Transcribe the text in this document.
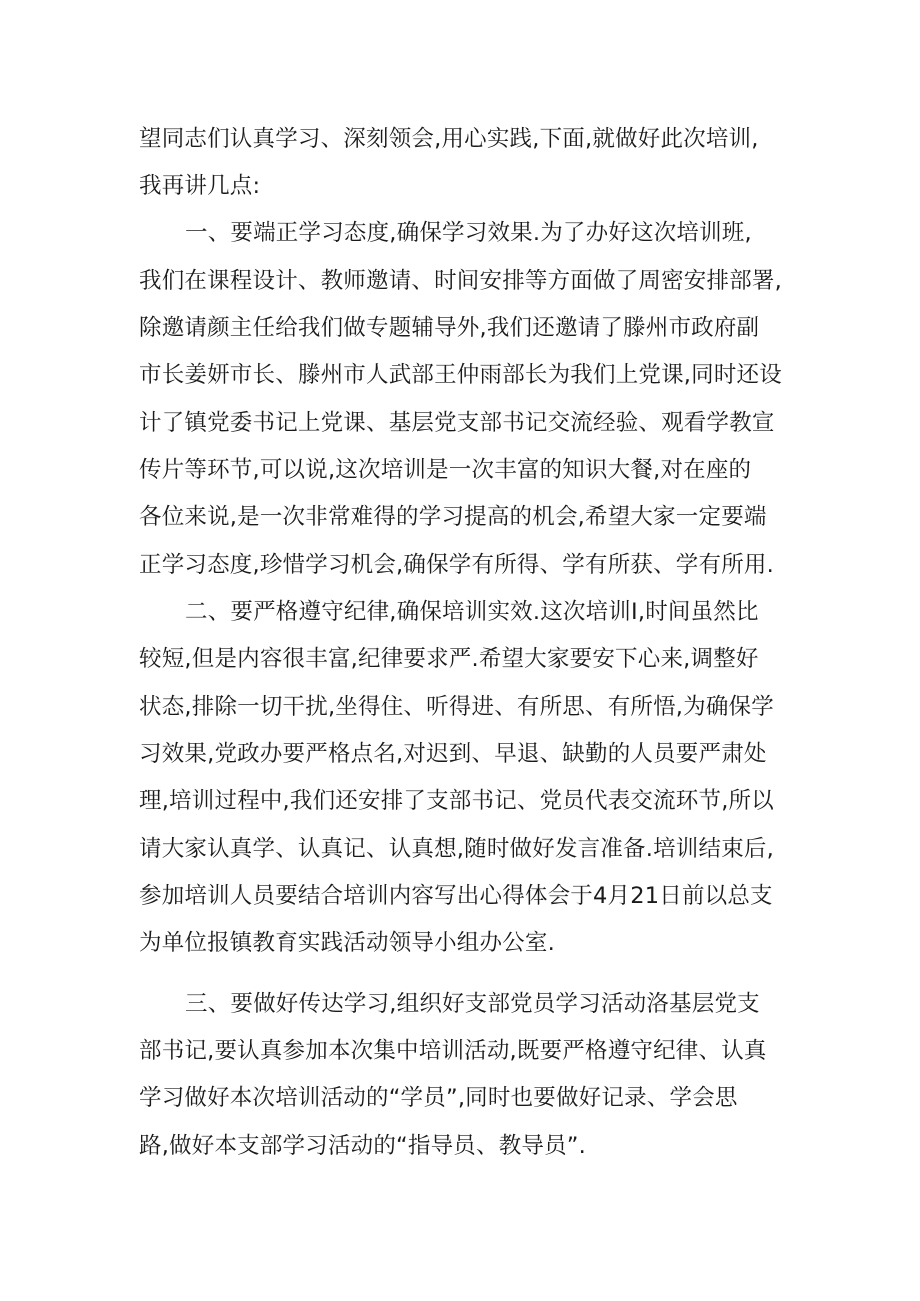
望同志们认真学习、深刻领会,用心实践,下面,就做好此次培训,
我再讲几点:
一、要端正学习态度,确保学习效果.为了办好这次培训班,
我们在课程设计、教师邀请、时间安排等方面做了周密安排部署,
除邀请颜主任给我们做专题辅导外,我们还邀请了滕州市政府副
市长姜妍市长、滕州市人武部王仲雨部长为我们上党课,同时还设
计了镇党委书记上党课、基层党支部书记交流经验、观看学教宣
传片等环节,可以说,这次培训是一次丰富的知识大餐,对在座的
各位来说,是一次非常难得的学习提高的机会,希望大家一定要端
正学习态度,珍惜学习机会,确保学有所得、学有所获、学有所用.
二、要严格遵守纪律,确保培训实效.这次培训I,时间虽然比
较短,但是内容很丰富,纪律要求严.希望大家要安下心来,调整好
状态,排除一切干扰,坐得住、听得进、有所思、有所悟,为确保学
习效果,党政办要严格点名,对迟到、早退、缺勤的人员要严肃处
理,培训过程中,我们还安排了支部书记、党员代表交流环节,所以
请大家认真学、认真记、认真想,随时做好发言准备.培训结束后,
参加培训人员要结合培训内容写出心得体会于4月21日前以总支
为单位报镇教育实践活动领导小组办公室.
三、要做好传达学习,组织好支部党员学习活动洛基层党支
部书记,要认真参加本次集中培训活动,既要严格遵守纪律、认真
学习做好本次培训活动的“学员”,同时也要做好记录、学会思
路,做好本支部学习活动的“指导员、教导员”.
